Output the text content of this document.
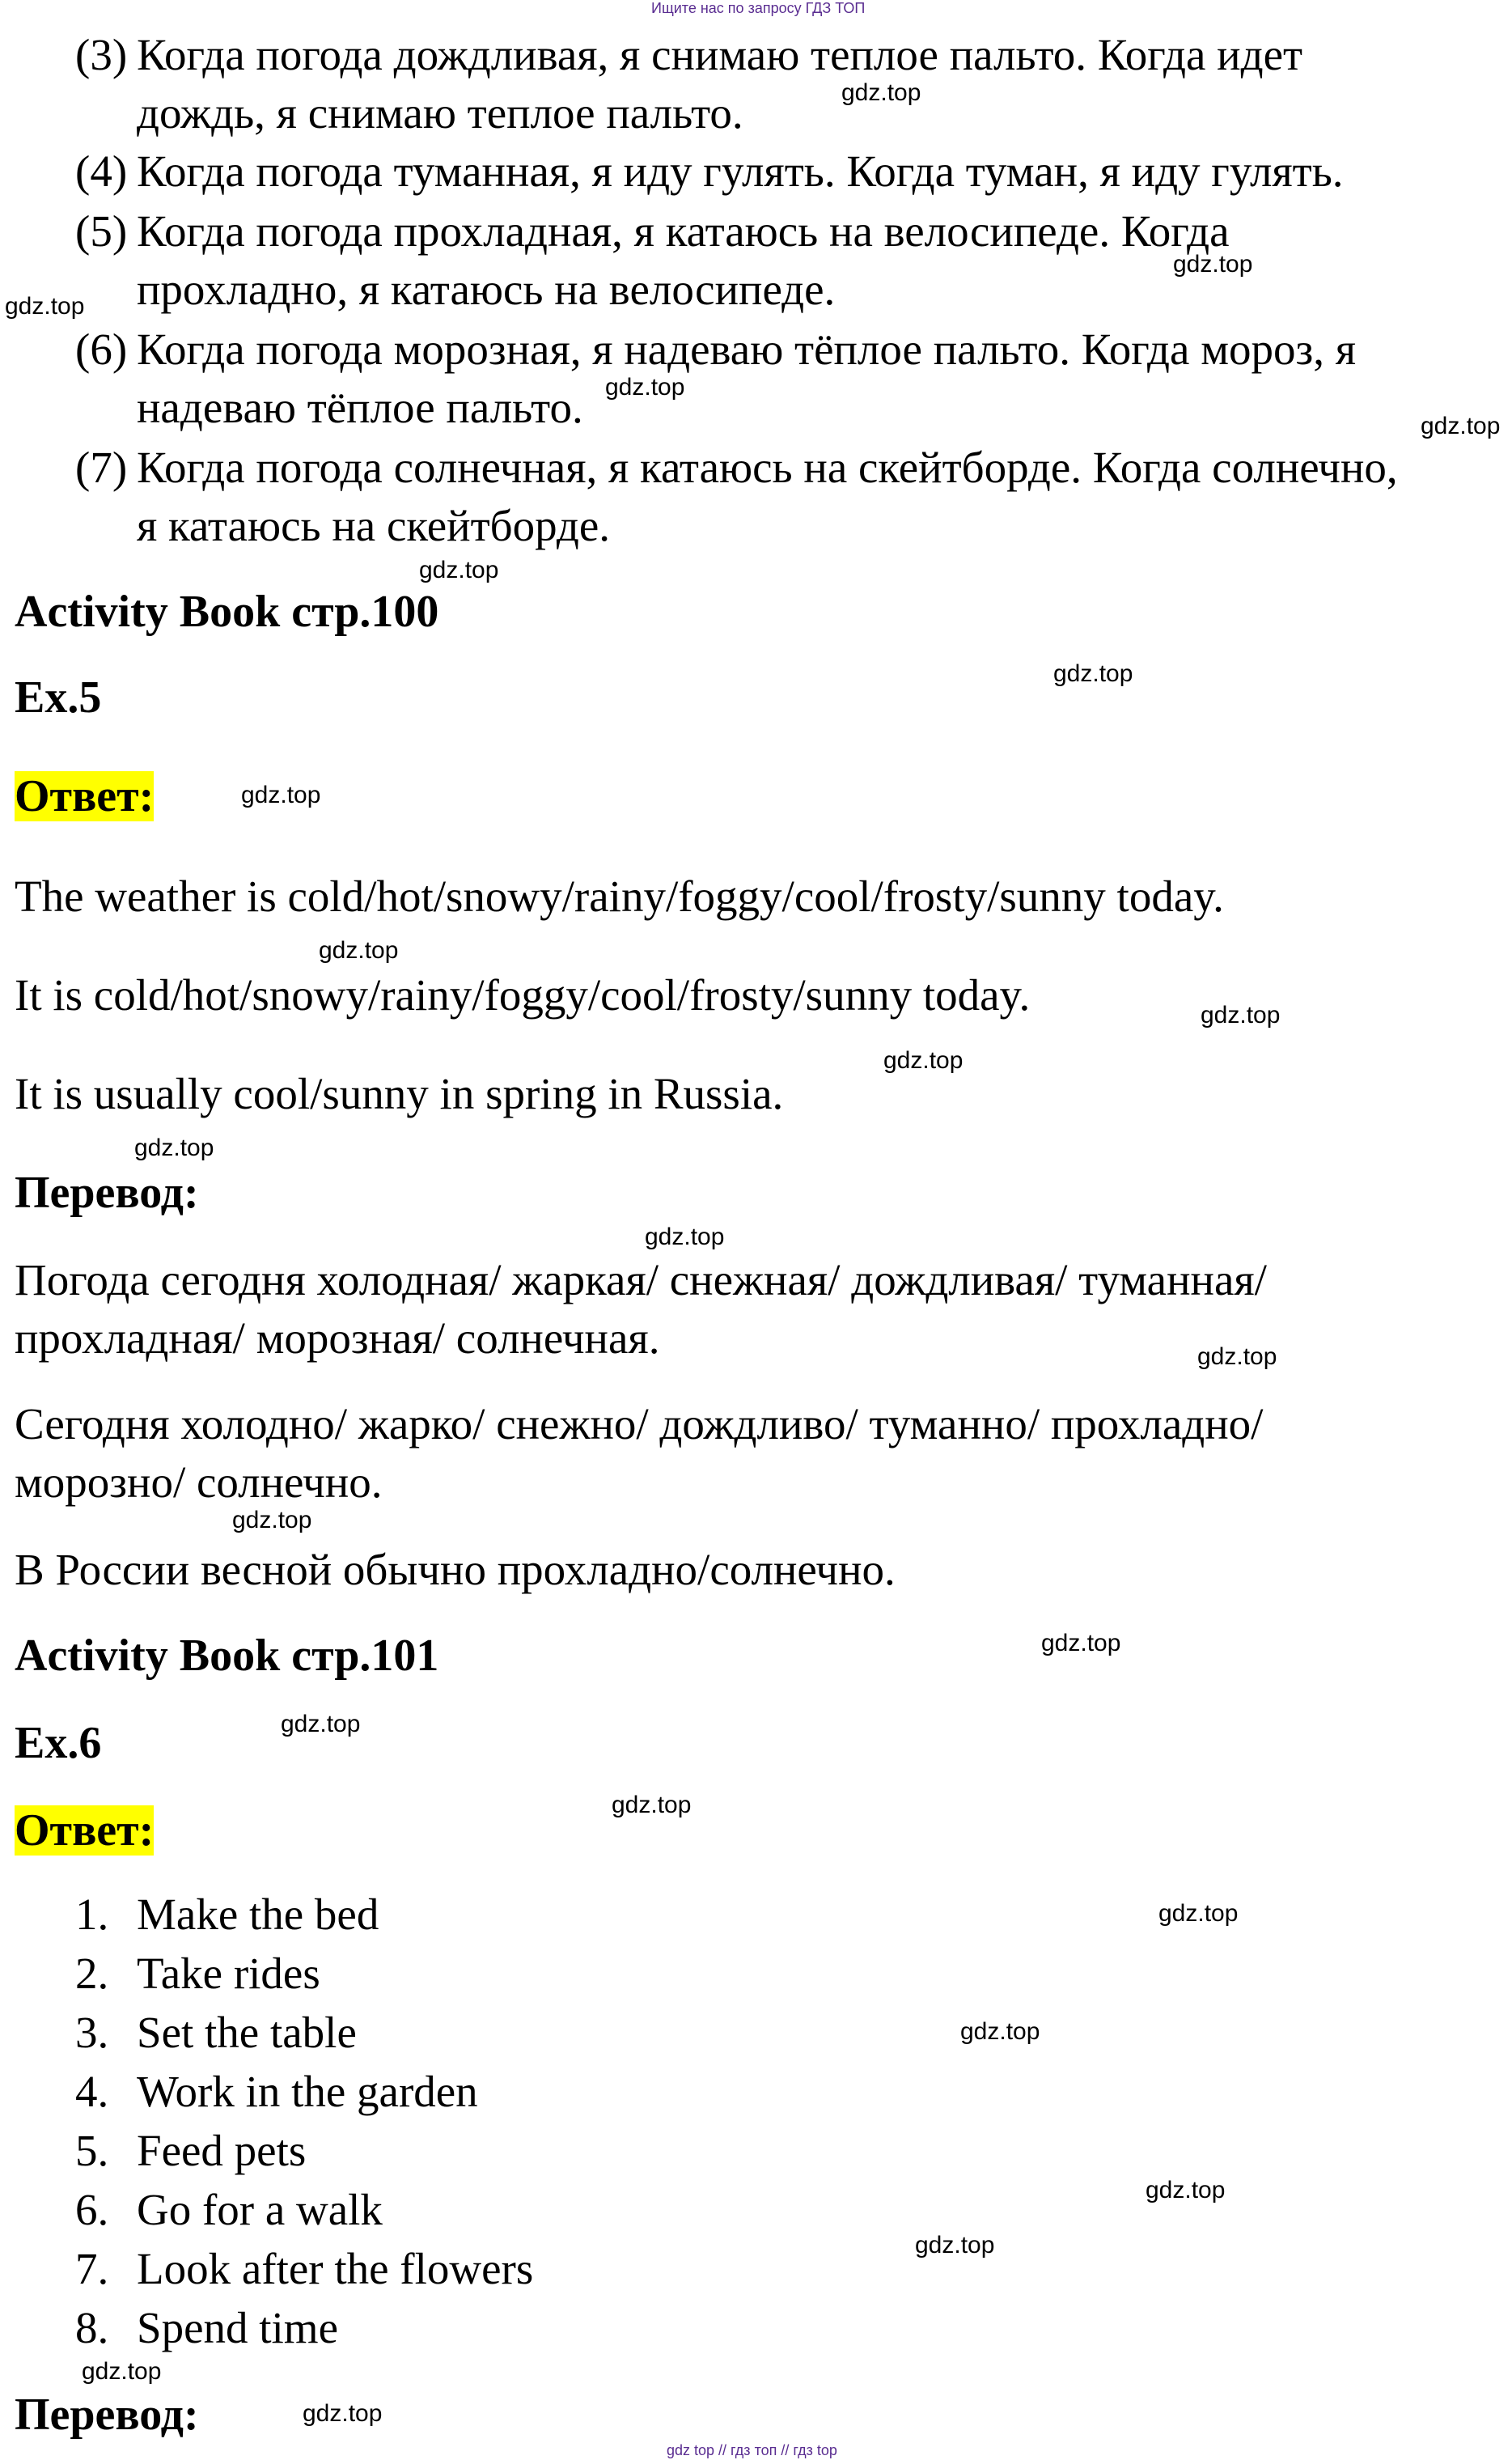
Ищите нас по запросу ГДЗ ТОП
(3) Когда погода дождливая, я снимаю теплое пальто. Когда идет
дождь, я снимаю теплое пальто.
(4) Когда погода туманная, я иду гулять. Когда туман, я иду гулять.
(5) Когда погода прохладная, я катаюсь на велосипеде. Когда
прохладно, я катаюсь на велосипеде.
(6) Когда погода морозная, я надеваю тёплое пальто. Когда мороз, я
надеваю тёплое пальто.
(7) Когда погода солнечная, я катаюсь на скейтборде. Когда солнечно,
я катаюсь на скейтборде.
Activity Book стр.100
Ex.5
Ответ:
The weather is cold/hot/snowy/rainy/foggy/cool/frosty/sunny today.
It is cold/hot/snowy/rainy/foggy/cool/frosty/sunny today.
It is usually cool/sunny in spring in Russia.
Перевод:
Погода сегодня холодная/ жаркая/ снежная/ дождливая/ туманная/
прохладная/ морозная/ солнечная.
Сегодня холодно/ жарко/ снежно/ дождливо/ туманно/ прохладно/
морозно/ солнечно.
В России весной обычно прохладно/солнечно.
Activity Book стр.101
Ex.6
Ответ:
1. Make the bed
2. Take rides
3. Set the table
4. Work in the garden
5. Feed pets
6. Go for a walk
7. Look after the flowers
8. Spend time
Перевод:
gdz.top
gdz.top
gdz.top
gdz.top
gdz.top
gdz.top
gdz.top
gdz.top
gdz.top
gdz.top
gdz.top
gdz.top
gdz.top
gdz.top
gdz.top
gdz.top
gdz.top
gdz.top
gdz.top
gdz.top
gdz.top
gdz.top
gdz.top
gdz.top
gdz top // гдз топ // гдз top
